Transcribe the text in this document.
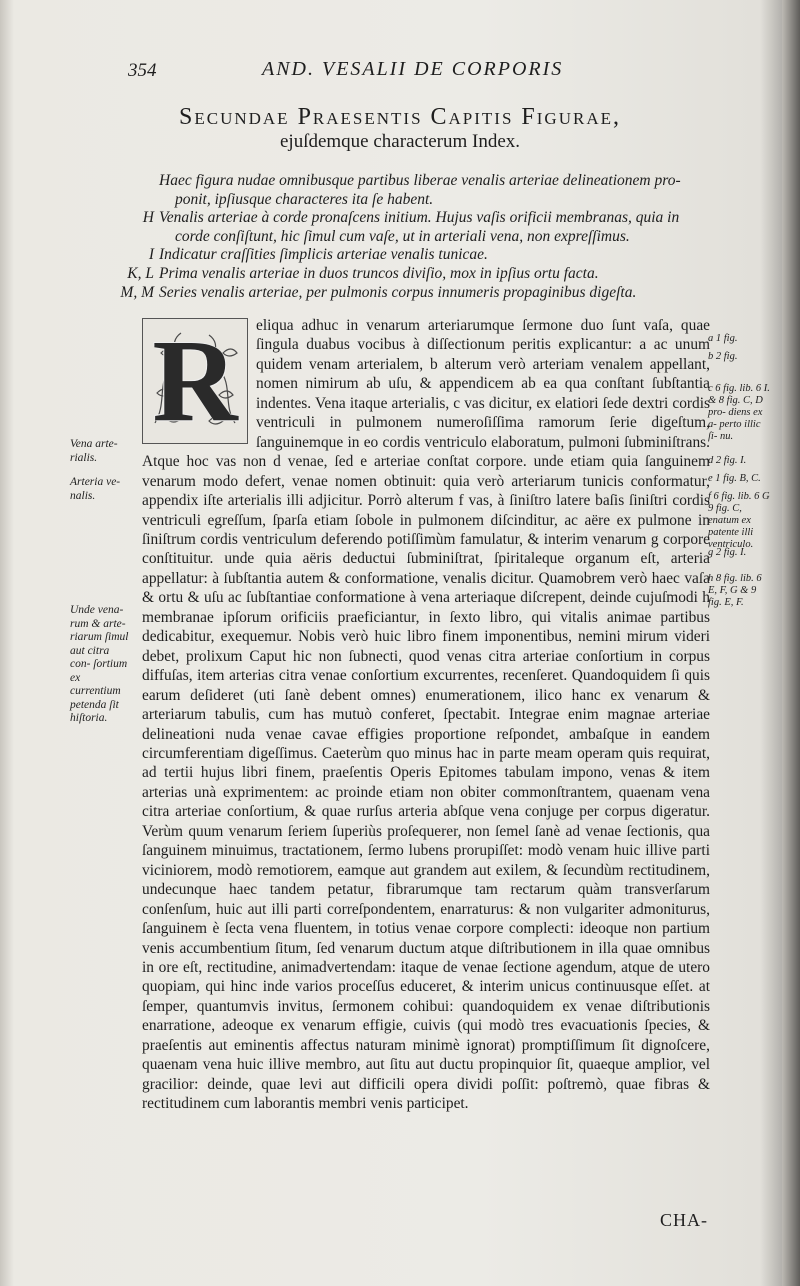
354	AND. VESALII DE CORPORIS
Secundae Praesentis Capitis Figurae,
ejuſdemque characterum Index.
Haec figura nudae omnibusque partibus liberae venalis arteriae delineationem pro-
ponit, ipſiusque characteres ita ſe habent.
H Venalis arteriae à corde pronaſcens initium. Hujus vaſis orificii membranas, quia in
corde conſiſtunt, hic ſimul cum vaſe, ut in arteriali vena, non expreſſimus.
I Indicatur craſſities ſimplicis arteriae venalis tunicae.
K, L Prima venalis arteriae in duos truncos diviſio, mox in ipſius ortu facta.
M, M Series venalis arteriae, per pulmonis corpus innumeris propaginibus digeſta.
R	eliqua adhuc in venarum arteriarumque ſermone duo ſunt vaſa, quae ſingula duabus vocibus à diſſectionum peritis explicantur: a ac unum quidem venam arterialem, b alterum verò arteriam venalem appellant, nomen nimirum ab uſu, & appendicem ab ea qua conſtant ſubſtantia indentes. Vena itaque arterialis, c vas dicitur, ex elatiori ſede dextri cordis ventriculi in pulmonem numeroſiſſima ramorum ſerie digeſtum, ſanguinemque in eo cordis ventriculo elaboratum, pulmoni ſubminiſtrans. Atque hoc vas non d venae, ſed e arteriae conſtat corpore. unde etiam quia ſanguinem venarum modo defert, venae nomen obtinuit: quia verò arteriarum tunicis conformatur, appendix iſte arterialis illi adjicitur. Porrò alterum f vas, à ſiniſtro latere baſis ſiniſtri cordis ventriculi egreſſum, ſparſa etiam ſobole in pulmonem diſcinditur, ac aëre ex pulmone in ſiniſtrum cordis ventriculum deferendo potiſſimùm famulatur, & interim venarum g corpore conſtituitur. unde quia aëris deductui ſubminiſtrat, ſpiritaleque organum eſt, arteria appellatur: à ſubſtantia autem & conformatione, venalis dicitur. Quamobrem verò haec vaſa & ortu & uſu ac ſubſtantiae conformatione à vena arteriaque diſcrepent, deinde cujuſmodi h membranae ipſorum orificiis praeficiantur, in ſexto libro, qui vitalis animae partibus dedicabitur, exequemur. Nobis verò huic libro finem imponentibus, nemini mirum videri debet, prolixum Caput hic non ſubnecti, quod venas citra arteriae conſortium in corpus diffuſas, item arterias citra venae conſortium excurrentes, recenſeret. Quandoquidem ſi quis earum deſideret (uti ſanè debent omnes) enumerationem, ilico hanc ex venarum & arteriarum tabulis, cum has mutuò conferet, ſpectabit. Integrae enim magnae arteriae delineationi nuda venae cavae effigies proportione reſpondet, ambaſque in eandem circumferentiam digeſſimus. Caeterùm quo minus hac in parte meam operam quis requirat, ad tertii hujus libri finem, praeſentis Operis Epitomes tabulam impono, venas & item arterias unà exprimentem: ac proinde etiam non obiter commonſtrantem, quaenam vena citra arteriae conſortium, & quae rurſus arteria abſque vena conjuge per corpus digeratur. Verùm quum venarum ſeriem ſuperiùs proſequerer, non ſemel ſanè ad venae ſectionis, qua ſanguinem minuimus, tractationem, ſermo lubens prorupiſſet: modò venam huic illive parti viciniorem, modò remotiorem, eamque aut grandem aut exilem, & ſecundùm rectitudinem, undecunque haec tandem petatur, fibrarumque tam rectarum quàm transverſarum conſenſum, huic aut illi parti correſpondentem, enarraturus: & non vulgariter admoniturus, ſanguinem è ſecta vena fluentem, in totius venae corpore complecti: ideoque non partium venis accumbentium ſitum, ſed venarum ductum atque diſtributionem in illa quae omnibus in ore eſt, rectitudine, animadvertendam: itaque de venae ſectione agendum, atque de utero quopiam, qui hinc inde varios proceſſus educeret, & interim unicus continuusque eſſet. at ſemper, quantumvis invitus, ſermonem cohibui: quandoquidem ex venae diſtributionis enarratione, adeoque ex venarum effigie, cuivis (qui modò tres evacuationis ſpecies, & praeſentis aut eminentis affectus naturam minimè ignorat) promptiſſimum ſit dignoſcere, quaenam vena huic illive membro, aut ſitu aut ductu propinquior ſit, quaeque amplior, vel gracilior: deinde, quae levi aut difficili opera dividi poſſit: poſtremò, quae fibras & rectitudinem cum laborantis membri venis participet.

Vena arte- rialis.
Arteria ve- nalis.
Unde vena- rum & arte- riarum ſimul aut citra con- ſortium ex currentium petenda ſit hiſtoria.
a 1 fig.
b 2 fig.
c 6 fig. lib. 6 I. & 8 fig. C, D pro- diens ex a- perto illic ſi- nu.
d 2 fig. I.
e 1 fig. B, C.
f 6 fig. lib. 6 G 9 fig. C, enatum ex patente illi ventriculo.
g 2 fig. I.
h 8 fig. lib. 6 E, F, G & 9 fig. E, F.
CHA-
